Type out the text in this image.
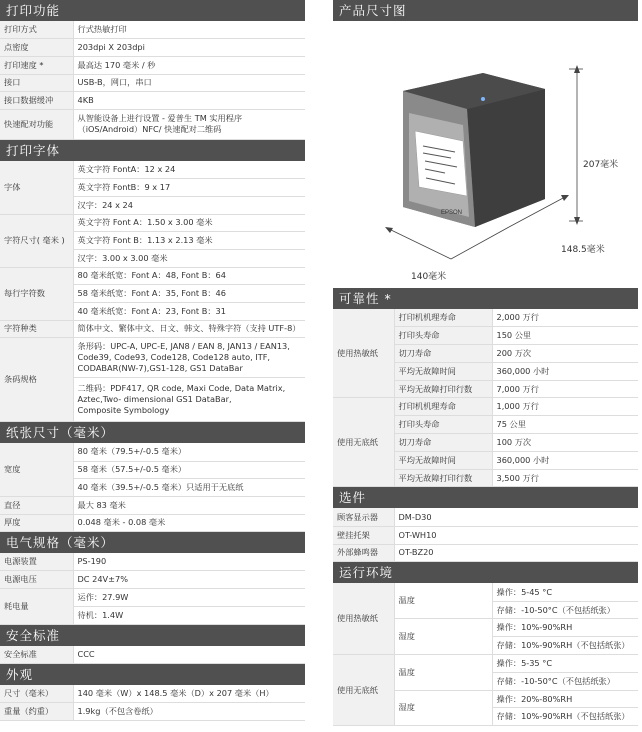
打印功能
打印方式	行式热敏打印
点密度	203dpi X 203dpi
打印速度 *	最高达 170 毫米 / 秒
接口	USB-B，网口，串口
接口数据缓冲	4KB
快速配对功能	从智能设备上进行设置 - 爱普生 TM 实用程序
（iOS/Android）NFC/ 快速配对二维码
打印字体
字体	英文字符 FontA：12 x 24
	英文字符 FontB：9 x 17
	汉字：24 x 24
字符尺寸( 毫米 )	英文字符 Font A：1.50 x 3.00 毫米
	英文字符 Font B：1.13 x 2.13 毫米
	汉字：3.00 x 3.00 毫米
每行字符数	80 毫米纸宽：Font A：48, Font B：64
	58 毫米纸宽：Font A：35, Font B：46
	40 毫米纸宽：Font A：23, Font B：31
字符种类	简体中文、繁体中文、日文、韩文、特殊字符（支持 UTF-8）
条码规格	条形码：UPC-A, UPC-E, JAN8 / EAN 8, JAN13 / EAN13,
Code39, Code93, Code128, Code128 auto, ITF,
CODABAR(NW-7),GS1-128, GS1 DataBar
	二维码：PDF417, QR code, Maxi Code, Data Matrix,
Aztec,Two- dimensional GS1 DataBar,
Composite Symbology
纸张尺寸（毫米）
宽度	80 毫米（79.5+/-0.5 毫米）
	58 毫米（57.5+/-0.5 毫米）
	40 毫米（39.5+/-0.5 毫米）只适用于无底纸
直径	最大 83 毫米
厚度	0.048 毫米 - 0.08 毫米
电气规格（毫米）
电源装置	PS-190
电源电压	DC 24V±7%
耗电量	运作：27.9W
	待机：1.4W
安全标准
安全标准	CCC
外观
尺寸（毫米）	140 毫米（W）x 148.5 毫米（D）x 207 毫米（H）
重量（约重）	1.9kg（不包含卷纸）
产品尺寸图
EPSON
207毫米
148.5毫米
140毫米
可靠性 *
使用热敏纸	打印机机理寿命	2,000 万行
	打印头寿命	150 公里
	切刀寿命	200 万次
	平均无故障时间	360,000 小时
	平均无故障打印行数	7,000 万行
使用无底纸	打印机机理寿命	1,000 万行
	打印头寿命	75 公里
	切刀寿命	100 万次
	平均无故障时间	360,000 小时
	平均无故障打印行数	3,500 万行
选件
顾客显示器	DM-D30
壁挂托架	OT-WH10
外部蜂鸣器	OT-BZ20
运行环境
使用热敏纸	温度	操作：5-45 °C
		存储：-10-50°C（不包括纸张）
	湿度	操作：10%-90%RH
		存储：10%-90%RH（不包括纸张）
使用无底纸	温度	操作：5-35 °C
		存储：-10-50°C（不包括纸张）
	湿度	操作：20%-80%RH
		存储：10%-90%RH（不包括纸张）
